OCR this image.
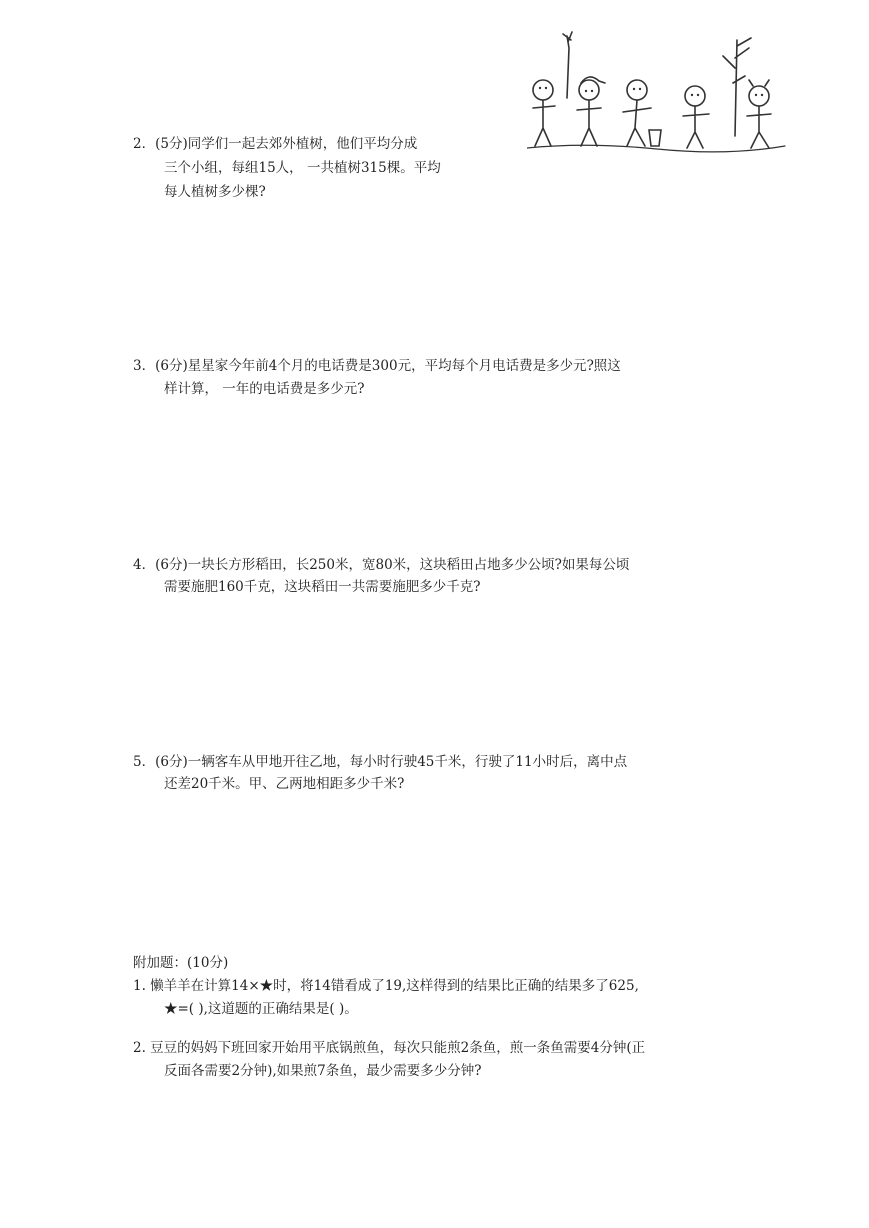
2．(5分)同学们一起去郊外植树，他们平均分成
三个小组，每组15人， 一共植树315棵。平均
每人植树多少棵?
3．(6分)星星家今年前4个月的电话费是300元，平均每个月电话费是多少元?照这
样计算， 一年的电话费是多少元?
4．(6分)一块长方形稻田，长250米，宽80米，这块稻田占地多少公顷?如果每公顷
需要施肥160千克，这块稻田一共需要施肥多少千克?
5．(6分)一辆客车从甲地开往乙地，每小时行驶45千米，行驶了11小时后，离中点
还差20千米。甲、乙两地相距多少千米?
附加题：(10分)
1. 懒羊羊在计算14×★时，将14错看成了19,这样得到的结果比正确的结果多了625,
★=( ),这道题的正确结果是( )。
2. 豆豆的妈妈下班回家开始用平底锅煎鱼，每次只能煎2条鱼，煎一条鱼需要4分钟(正
反面各需要2分钟),如果煎7条鱼，最少需要多少分钟?
